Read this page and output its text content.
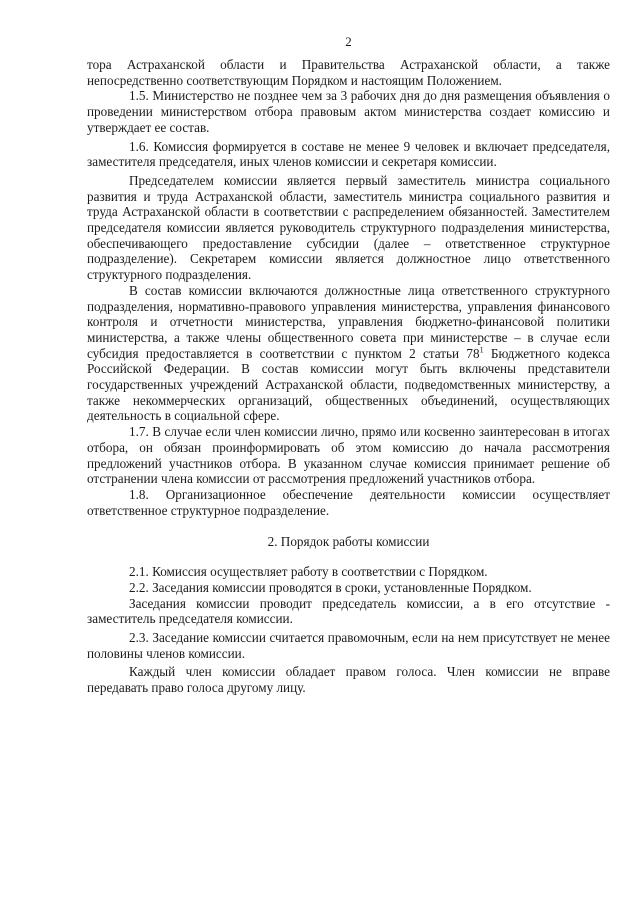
2

тора Астраханской области и Правительства Астраханской области, а также непосредственно соответствующим Порядком и настоящим Положением.

1.5. Министерство не позднее чем за 3 рабочих дня до дня размещения объявления о проведении министерством отбора правовым актом министерства создает комиссию и утверждает ее состав.

1.6. Комиссия формируется в составе не менее 9 человек и включает председателя, заместителя председателя, иных членов комиссии и секретаря комиссии.

Председателем комиссии является первый заместитель министра социального развития и труда Астраханской области, заместитель министра социального развития и труда Астраханской области в соответствии с распределением обязанностей. Заместителем председателя комиссии является руководитель структурного подразделения министерства, обеспечивающего предоставление субсидии (далее – ответственное структурное подразделение). Секретарем комиссии является должностное лицо ответственного структурного подразделения.

В состав комиссии включаются должностные лица ответственного структурного подразделения, нормативно-правового управления министерства, управления финансового контроля и отчетности министерства, управления бюджетно-финансовой политики министерства, а также члены общественного совета при министерстве – в случае если субсидия предоставляется в соответствии с пунктом 2 статьи $78^1$ Бюджетного кодекса Российской Федерации. В состав комиссии могут быть включены представители государственных учреждений Астраханской области, подведомственных министерству, а также некоммерческих организаций, общественных объединений, осуществляющих деятельность в социальной сфере.

1.7. В случае если член комиссии лично, прямо или косвенно заинтересован в итогах отбора, он обязан проинформировать об этом комиссию до начала рассмотрения предложений участников отбора. В указанном случае комиссия принимает решение об отстранении члена комиссии от рассмотрения предложений участников отбора.

1.8. Организационное обеспечение деятельности комиссии осуществляет ответственное структурное подразделение.

2. Порядок работы комиссии

2.1. Комиссия осуществляет работу в соответствии с Порядком.

2.2. Заседания комиссии проводятся в сроки, установленные Порядком.

Заседания комиссии проводит председатель комиссии, а в его отсутствие - заместитель председателя комиссии.

2.3. Заседание комиссии считается правомочным, если на нем присутствует не менее половины членов комиссии.

Каждый член комиссии обладает правом голоса. Член комиссии не вправе передавать право голоса другому лицу.
